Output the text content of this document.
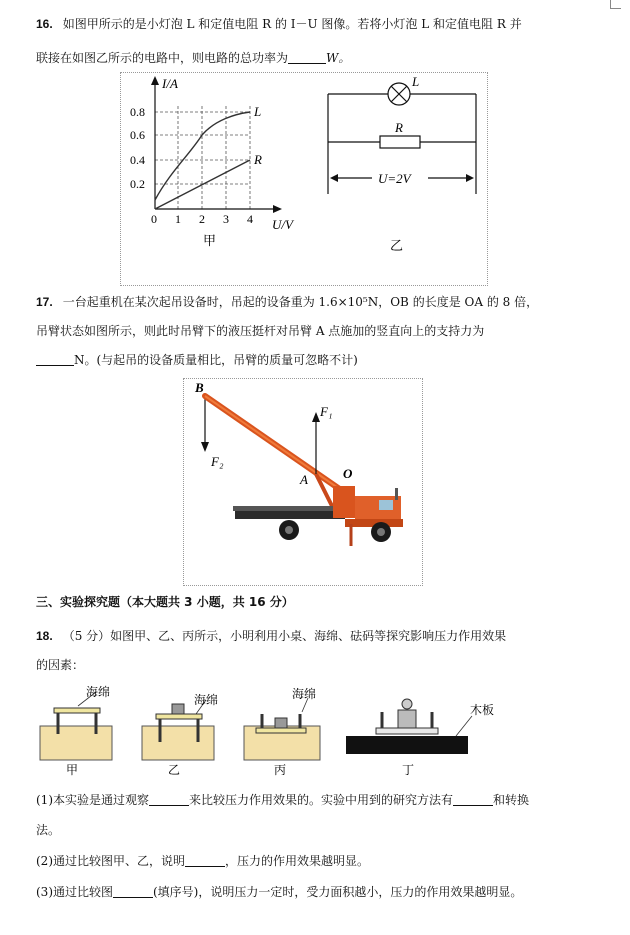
16. 如图甲所示的是小灯泡 L 和定值电阻 R 的 I－U 图像。若将小灯泡 L 和定值电阻 R 并
联接在如图乙所示的电路中，则电路的总功率为	W。
I/A
U/V
L
R
0.8
0.6
0.4
0.2
0 1 2 3 4
甲
L
R
U=2V
乙
17. 一台起重机在某次起吊设备时，吊起的设备重为 1.6×10⁵N，OB 的长度是 OA 的 8 倍，
吊臂状态如图所示，则此时吊臂下的液压挺杆对吊臂 A 点施加的竖直向上的支持力为
N。(与起吊的设备质量相比，吊臂的质量可忽略不计)
B
F₂
F₁
A	O
三、实验探究题（本大题共 3 小题，共 16 分）
18. （5 分）如图甲、乙、丙所示，小明利用小桌、海绵、砝码等探究影响压力作用效果
的因素：
海绵
甲
海绵
乙
海绵
丙
木板
丁
(1)本实验是通过观察	来比较压力作用效果的。实验中用到的研究方法有	和转换
法。
(2)通过比较图甲、乙，说明	，压力的作用效果越明显。
(3)通过比较图	(填序号)，说明压力一定时，受力面积越小，压力的作用效果越明显。
